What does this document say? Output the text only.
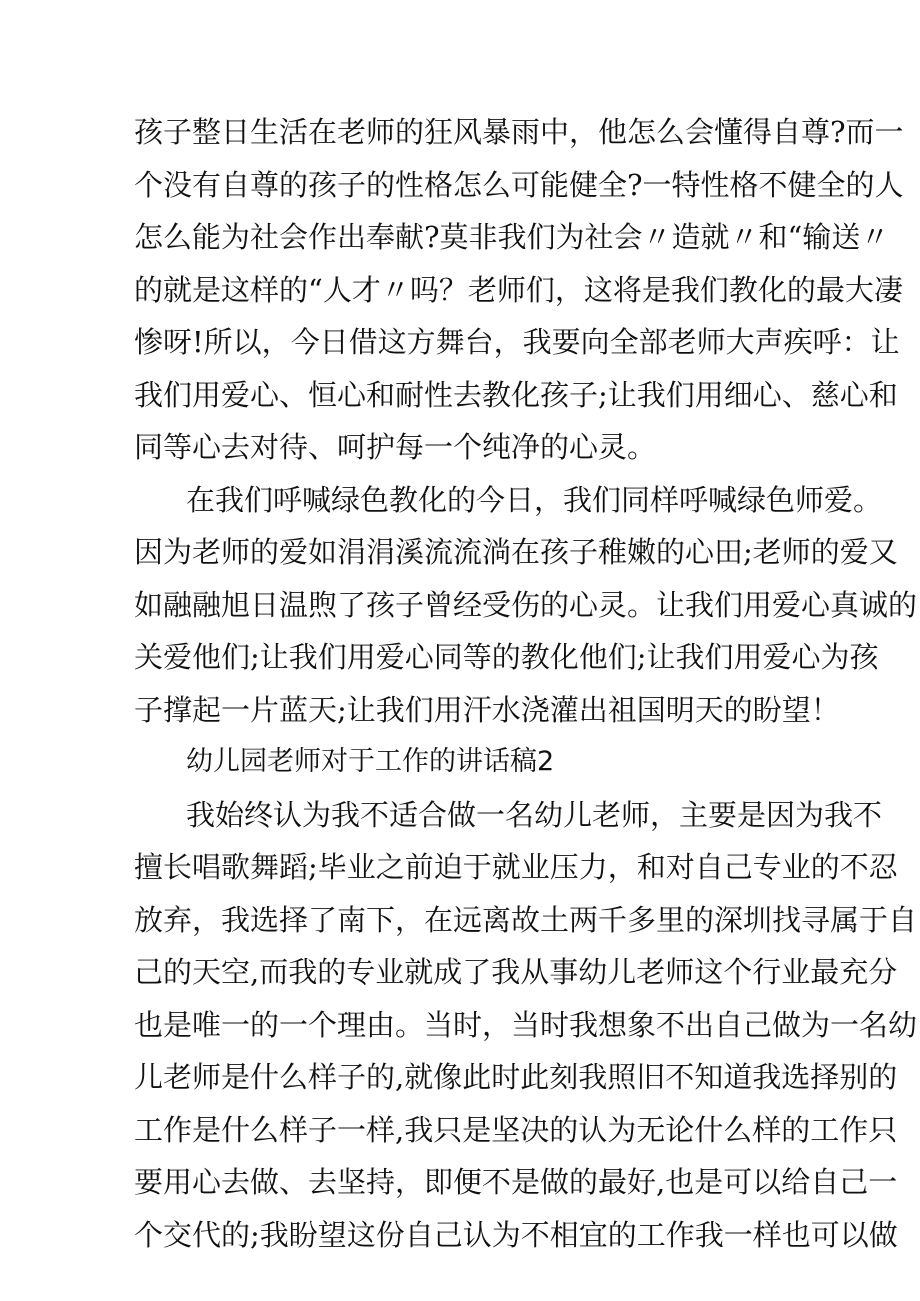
孩子整日生活在老师的狂风暴雨中，他怎么会懂得自尊?而一
个没有自尊的孩子的性格怎么可能健全?一特性格不健全的人
怎么能为社会作出奉献?莫非我们为社会〃造就〃和“输送〃
的就是这样的“人才〃吗？老师们，这将是我们教化的最大凄
惨呀!所以，今日借这方舞台，我要向全部老师大声疾呼：让
我们用爱心、恒心和耐性去教化孩子;让我们用细心、慈心和
同等心去对待、呵护每一个纯净的心灵。
在我们呼喊绿色教化的今日，我们同样呼喊绿色师爱。
因为老师的爱如涓涓溪流流淌在孩子稚嫩的心田;老师的爱又
如融融旭日温煦了孩子曾经受伤的心灵。让我们用爱心真诚的
关爱他们;让我们用爱心同等的教化他们;让我们用爱心为孩
子撑起一片蓝天;让我们用汗水浇灌出祖国明天的盼望！
幼儿园老师对于工作的讲话稿2
我始终认为我不适合做一名幼儿老师，主要是因为我不
擅长唱歌舞蹈;毕业之前迫于就业压力，和对自己专业的不忍
放弃，我选择了南下，在远离故土两千多里的深圳找寻属于自
己的天空,而我的专业就成了我从事幼儿老师这个行业最充分
也是唯一的一个理由。当时，当时我想象不出自己做为一名幼
儿老师是什么样子的,就像此时此刻我照旧不知道我选择别的
工作是什么样子一样,我只是坚决的认为无论什么样的工作只
要用心去做、去坚持，即便不是做的最好,也是可以给自己一
个交代的;我盼望这份自己认为不相宜的工作我一样也可以做
